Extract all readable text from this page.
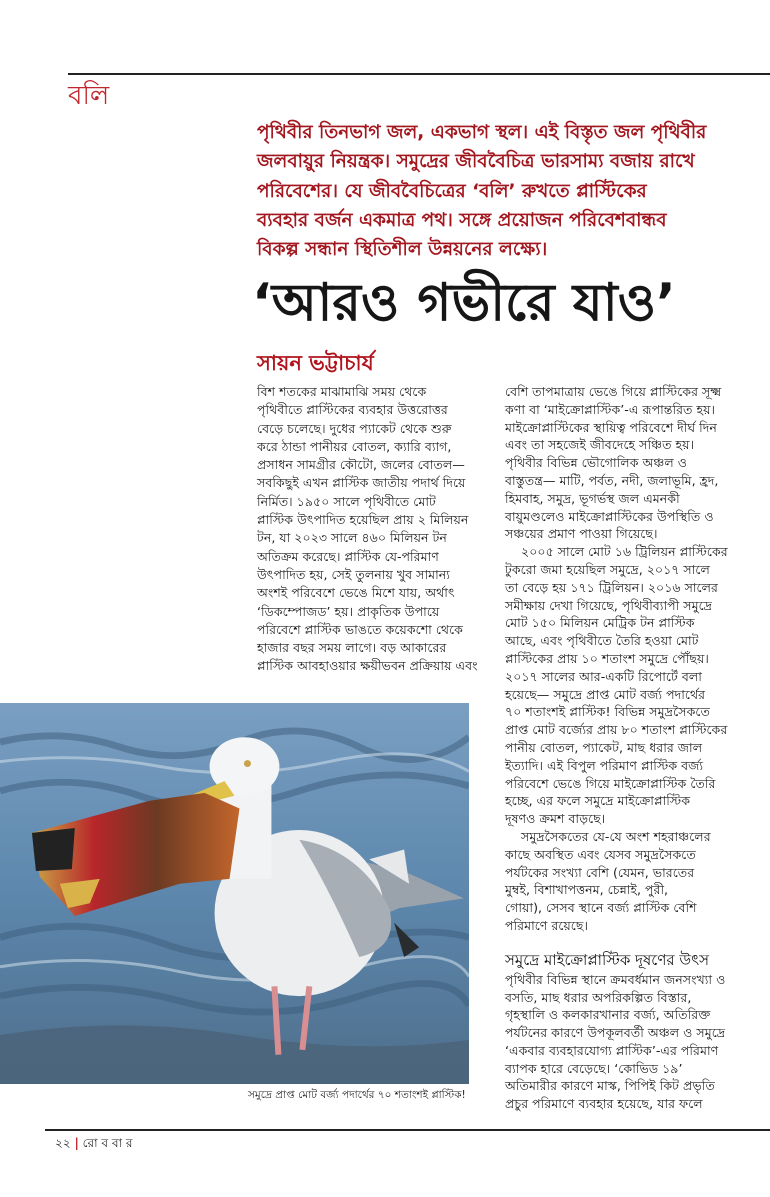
বলি
পৃথিবীর তিনভাগ জল, একভাগ স্থল। এই বিস্তৃত জল পৃথিবীর
জলবায়ুর নিয়ন্ত্রক। সমুদ্রের জীববৈচিত্র ভারসাম্য বজায় রাখে
পরিবেশের। যে জীববৈচিত্রের ‘বলি’ রুখতে প্লাস্টিকের
ব্যবহার বর্জন একমাত্র পথ। সঙ্গে প্রয়োজন পরিবেশবান্ধব
বিকল্প সন্ধান স্থিতিশীল উন্নয়নের লক্ষ্যে।
‘আরও গভীরে যাও’
সায়ন ভট্টাচার্য
বিশ শতকের মাঝামাঝি সময় থেকে
পৃথিবীতে প্লাস্টিকের ব্যবহার উত্তরোত্তর
বেড়ে চলেছে। দুধের প্যাকেট থেকে শুরু
করে ঠান্ডা পানীয়র বোতল, ক্যারি ব্যাগ,
প্রসাধন সামগ্রীর কৌটো, জলের বোতল—
সবকিছুই এখন প্লাস্টিক জাতীয় পদার্থ দিয়ে
নির্মিত। ১৯৫০ সালে পৃথিবীতে মোট
প্লাস্টিক উৎপাদিত হয়েছিল প্রায় ২ মিলিয়ন
টন, যা ২০২৩ সালে ৪৬০ মিলিয়ন টন
অতিক্রম করেছে। প্লাস্টিক যে-পরিমাণ
উৎপাদিত হয়, সেই তুলনায় খুব সামান্য
অংশই পরিবেশে ভেঙে মিশে যায়, অর্থাৎ
‘ডিকম্পোজড’ হয়। প্রাকৃতিক উপায়ে
পরিবেশে প্লাস্টিক ভাঙতে কয়েকশো থেকে
হাজার বছর সময় লাগে। বড় আকারের
প্লাস্টিক আবহাওয়ার ক্ষয়ীভবন প্রক্রিয়ায় এবং
বেশি তাপমাত্রায় ভেঙে গিয়ে প্লাস্টিকের সূক্ষ্ম
কণা বা ‘মাইক্রোপ্লাস্টিক’-এ রূপান্তরিত হয়।
মাইক্রোপ্লাস্টিকের স্থায়িত্ব পরিবেশে দীর্ঘ দিন
এবং তা সহজেই জীবদেহে সঞ্চিত হয়।
পৃথিবীর বিভিন্ন ভৌগোলিক অঞ্চল ও
বাস্তুতন্ত্র— মাটি, পর্বত, নদী, জলাভূমি, হ্রদ,
হিমবাহ, সমুদ্র, ভূগর্ভস্থ জল এমনকী
বায়ুমণ্ডলেও মাইক্রোপ্লাস্টিকের উপস্থিতি ও
সঞ্চয়ের প্রমাণ পাওয়া গিয়েছে।
২০০৫ সালে মোট ১৬ ট্রিলিয়ন প্লাস্টিকের
টুকরো জমা হয়েছিল সমুদ্রে, ২০১৭ সালে
তা বেড়ে হয় ১৭১ ট্রিলিয়ন। ২০১৬ সালের
সমীক্ষায় দেখা গিয়েছে, পৃথিবীব্যাপী সমুদ্রে
মোট ১৫০ মিলিয়ন মেট্রিক টন প্লাস্টিক
আছে, এবং পৃথিবীতে তৈরি হওয়া মোট
প্লাস্টিকের প্রায় ১০ শতাংশ সমুদ্রে পৌঁছয়।
২০১৭ সালের আর-একটি রিপোর্টে বলা
হয়েছে— সমুদ্রে প্রাপ্ত মোট বর্জ্য পদার্থের
৭০ শতাংশই প্লাস্টিক! বিভিন্ন সমুদ্রসৈকতে
প্রাপ্ত মোট বর্জ্যের প্রায় ৮০ শতাংশ প্লাস্টিকের
পানীয় বোতল, প্যাকেট, মাছ ধরার জাল
ইত্যাদি। এই বিপুল পরিমাণ প্লাস্টিক বর্জ্য
পরিবেশে ভেঙে গিয়ে মাইক্রোপ্লাস্টিক তৈরি
হচ্ছে, এর ফলে সমুদ্রে মাইক্রোপ্লাস্টিক
দূষণও ক্রমশ বাড়ছে।
সমুদ্রসৈকতের যে-যে অংশ শহরাঞ্চলের
কাছে অবস্থিত এবং যেসব সমুদ্রসৈকতে
পর্যটকের সংখ্যা বেশি (যেমন, ভারতের
মুম্বই, বিশাখাপত্তনম, চেন্নাই, পুরী,
গোয়া), সেসব স্থানে বর্জ্য প্লাস্টিক বেশি
পরিমাণে রয়েছে।
সমুদ্রে মাইক্রোপ্লাস্টিক দূষণের উৎস
পৃথিবীর বিভিন্ন স্থানে ক্রমবর্ধমান জনসংখ্যা ও
বসতি, মাছ ধরার অপরিকল্পিত বিস্তার,
গৃহস্থালি ও কলকারখানার বর্জ্য, অতিরিক্ত
পর্যটনের কারণে উপকূলবর্তী অঞ্চল ও সমুদ্রে
‘একবার ব্যবহারযোগ্য প্লাস্টিক’-এর পরিমাণ
ব্যাপক হারে বেড়েছে। ‘কোভিড ১৯’
অতিমারীর কারণে মাস্ক, পিপিই কিট প্রভৃতি
প্রচুর পরিমাণে ব্যবহার হয়েছে, যার ফলে
সমুদ্রে প্রাপ্ত মোট বর্জ্য পদার্থের ৭০ শতাংশই প্লাস্টিক!
২২ | রো ব বা র
